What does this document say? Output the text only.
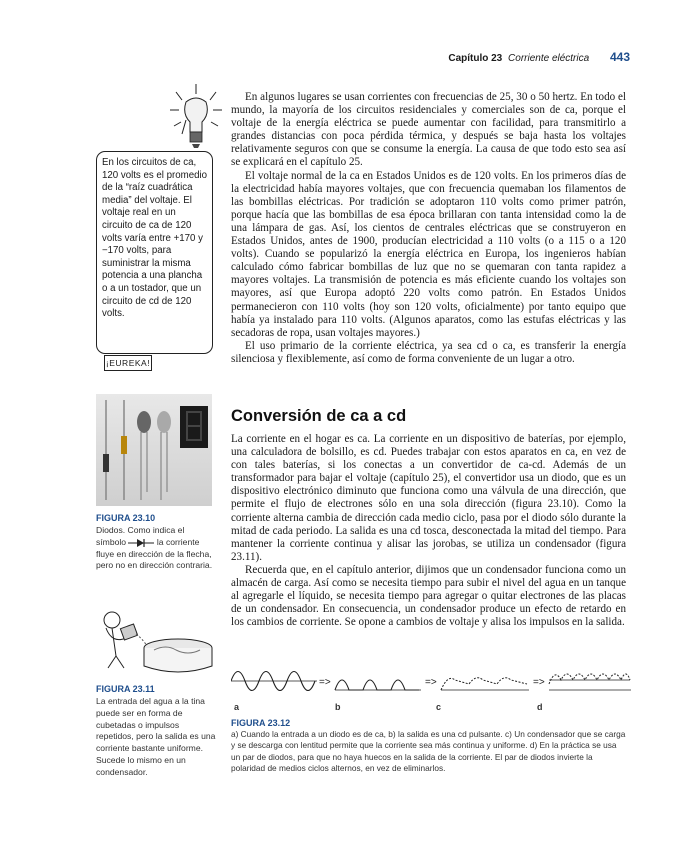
Capítulo 23 Corriente eléctrica 443
En los circuitos de ca, 120 volts es el promedio de la “raíz cuadrática media” del voltaje. El voltaje real en un circuito de ca de 120 volts varía entre +170 y −170 volts, para suministrar la misma potencia a una plancha o a un tostador, que un circuito de cd de 120 volts.
¡EUREKA!

En algunos lugares se usan corrientes con frecuencias de 25, 30 o 50 hertz. En todo el mundo, la mayoría de los circuitos residenciales y comerciales son de ca, porque el voltaje de la energía eléctrica se puede aumentar con facilidad, para transmitirlo a grandes distancias con poca pérdida térmica, y después se baja hasta los voltajes relativamente seguros con que se consume la energía. La causa de que todo esto sea así se explicará en el capítulo 25.

El voltaje normal de la ca en Estados Unidos es de 120 volts. En los primeros días de la electricidad había mayores voltajes, que con frecuencia quemaban los filamentos de las bombillas eléctricas. Por tradición se adoptaron 110 volts como primer patrón, porque hacía que las bombillas de esa época brillaran con tanta intensidad como la de una lámpara de gas. Así, los cientos de centrales eléctricas que se construyeron en Estados Unidos, antes de 1900, producían electricidad a 110 volts (o a 115 o a 120 volts). Cuando se popularizó la energía eléctrica en Europa, los ingenieros habían calculado cómo fabricar bombillas de luz que no se quemaran con tanta rapidez a mayores voltajes. La transmisión de potencia es más eficiente cuando los voltajes son mayores, así que Europa adoptó 220 volts como patrón. En Estados Unidos permanecieron con 110 volts (hoy son 120 volts, oficialmente) por tanto equipo que había ya instalado para 110 volts. (Algunos aparatos, como las estufas eléctricas y las secadoras de ropa, usan voltajes mayores.)

El uso primario de la corriente eléctrica, ya sea cd o ca, es transferir la energía silenciosa y flexiblemente, así como de forma conveniente de un lugar a otro.

Conversión de ca a cd

La corriente en el hogar es ca. La corriente en un dispositivo de baterías, por ejemplo, una calculadora de bolsillo, es cd. Puedes trabajar con estos aparatos en ca, en vez de con tales baterías, si los conectas a un convertidor de ca-cd. Además de un transformador para bajar el voltaje (capítulo 25), el convertidor usa un diodo, que es un dispositivo electrónico diminuto que funciona como una válvula de una dirección, que permite el flujo de electrones sólo en una sola dirección (figura 23.10). Como la corriente alterna cambia de dirección cada medio ciclo, pasa por el diodo sólo durante la mitad de cada periodo. La salida es una cd tosca, desconectada la mitad del tiempo. Para mantener la corriente continua y alisar las jorobas, se utiliza un condensador (figura 23.11).

Recuerda que, en el capítulo anterior, dijimos que un condensador funciona como un almacén de carga. Así como se necesita tiempo para subir el nivel del agua en un tanque al agregarle el líquido, se necesita tiempo para agregar o quitar electrones de las placas de un condensador. En consecuencia, un condensador produce un efecto de retardo en los cambios de corriente. Se opone a cambios de voltaje y alisa los impulsos en la salida.

FIGURA 23.10
Diodos. Como indica el símbolo	la corriente fluye en dirección de la flecha, pero no en dirección contraria.
FIGURA 23.11
La entrada del agua a la tina puede ser en forma de cubetadas o impulsos repetidos, pero la salida es una corriente bastante uniforme. Sucede lo mismo en un condensador.
=>	=>	=>
a	b	c	d
FIGURA 23.12
a) Cuando la entrada a un diodo es de ca, b) la salida es una cd pulsante. c) Un condensador que se carga y se descarga con lentitud permite que la corriente sea más continua y uniforme. d) En la práctica se usa un par de diodos, para que no haya huecos en la salida de la corriente. El par de diodos invierte la polaridad de medios ciclos alternos, en vez de eliminarlos.
